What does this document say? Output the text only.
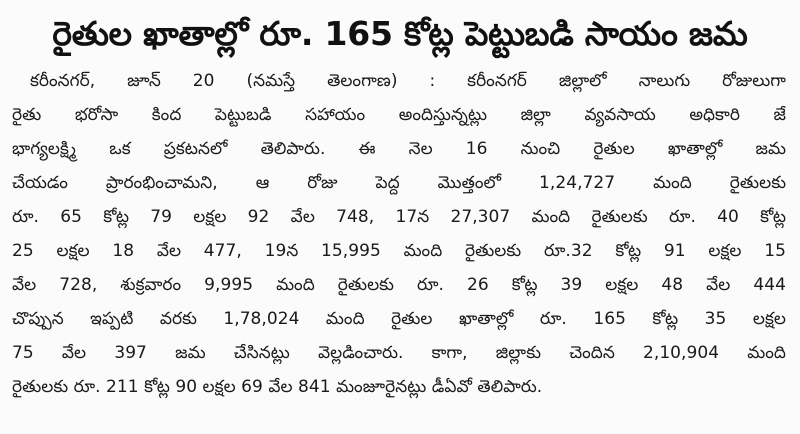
రైతుల ఖాతాల్లో రూ. 165 కోట్ల పెట్టుబడి సాయం జమ

కరీంనగర్, జూన్ 20 (నమస్తే తెలంగాణ) : కరీంనగర్ జిల్లాలో నాలుగు రోజులుగా

రైతు భరోసా కింద పెట్టుబడి సహాయం అందిస్తున్నట్లు జిల్లా వ్యవసాయ అధికారి జే

భాగ్యలక్ష్మి ఒక ప్రకటనలో తెలిపారు. ఈ నెల 16 నుంచి రైతుల ఖాతాల్లో జమ

చేయడం ప్రారంభించామని, ఆ రోజు పెద్ద మొత్తంలో 1,24,727 మంది రైతులకు

రూ. 65 కోట్ల 79 లక్షల 92 వేల 748, 17న 27,307 మంది రైతులకు రూ. 40 కోట్ల

25 లక్షల 18 వేల 477, 19న 15,995 మంది రైతులకు రూ.32 కోట్ల 91 లక్షల 15

వేల 728, శుక్రవారం 9,995 మంది రైతులకు రూ. 26 కోట్ల 39 లక్షల 48 వేల 444

చొప్పున ఇప్పటి వరకు 1,78,024 మంది రైతుల ఖాతాల్లో రూ. 165 కోట్ల 35 లక్షల

75 వేల 397 జమ చేసినట్లు వెల్లడించారు. కాగా, జిల్లాకు చెందిన 2,10,904 మంది

రైతులకు రూ. 211 కోట్ల 90 లక్షల 69 వేల 841 మంజూరైనట్లు డీఏవో తెలిపారు.
